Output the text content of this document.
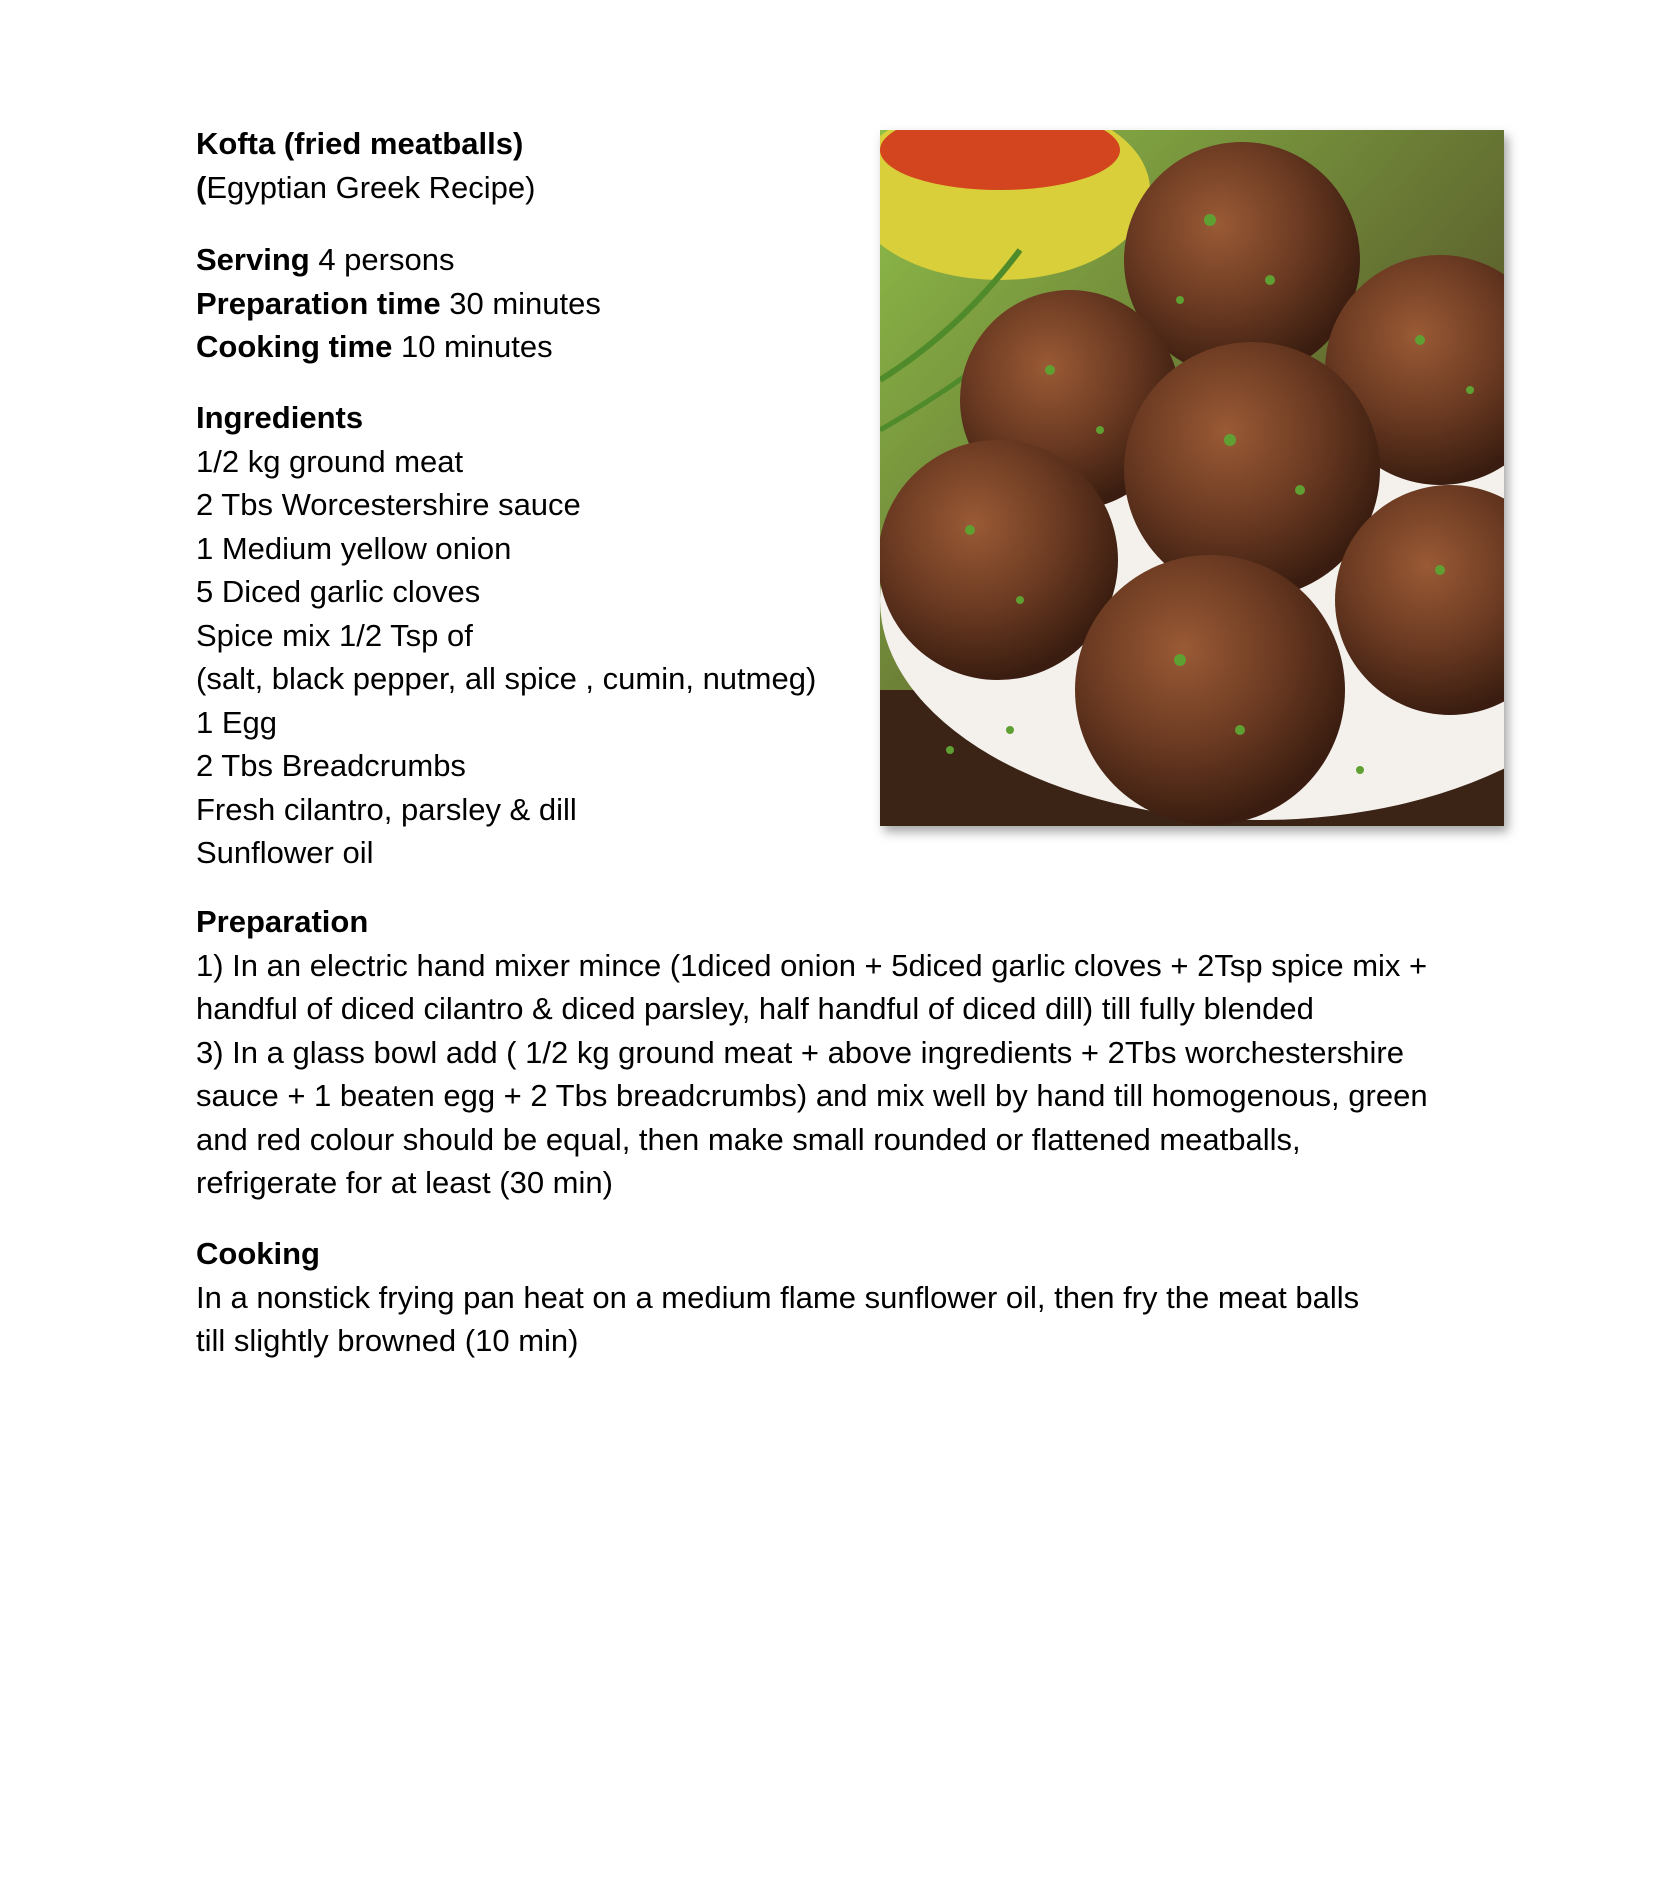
Kofta (fried meatballs)

(Egyptian Greek Recipe)

Serving 4 persons

Preparation time 30 minutes

Cooking time 10 minutes

Ingredients

1/2 kg ground meat

2 Tbs Worcestershire sauce

1 Medium yellow onion

5 Diced garlic cloves

Spice mix 1/2 Tsp of

(salt, black pepper, all spice , cumin, nutmeg)

1 Egg

2 Tbs Breadcrumbs

Fresh cilantro, parsley & dill

Sunflower oil

Preparation

1) In an electric hand mixer mince (1diced onion + 5diced garlic cloves + 2Tsp spice mix +

handful of diced cilantro & diced parsley, half handful of diced dill) till fully blended

3) In a glass bowl add ( 1/2 kg ground meat + above ingredients + 2Tbs worchestershire

sauce + 1 beaten egg + 2 Tbs breadcrumbs) and mix well by hand till homogenous, green

and red colour should be equal, then make small rounded or flattened meatballs,

refrigerate for at least (30 min)

Cooking

In a nonstick frying pan heat on a medium flame sunflower oil, then fry the meat balls

till slightly browned (10 min)
